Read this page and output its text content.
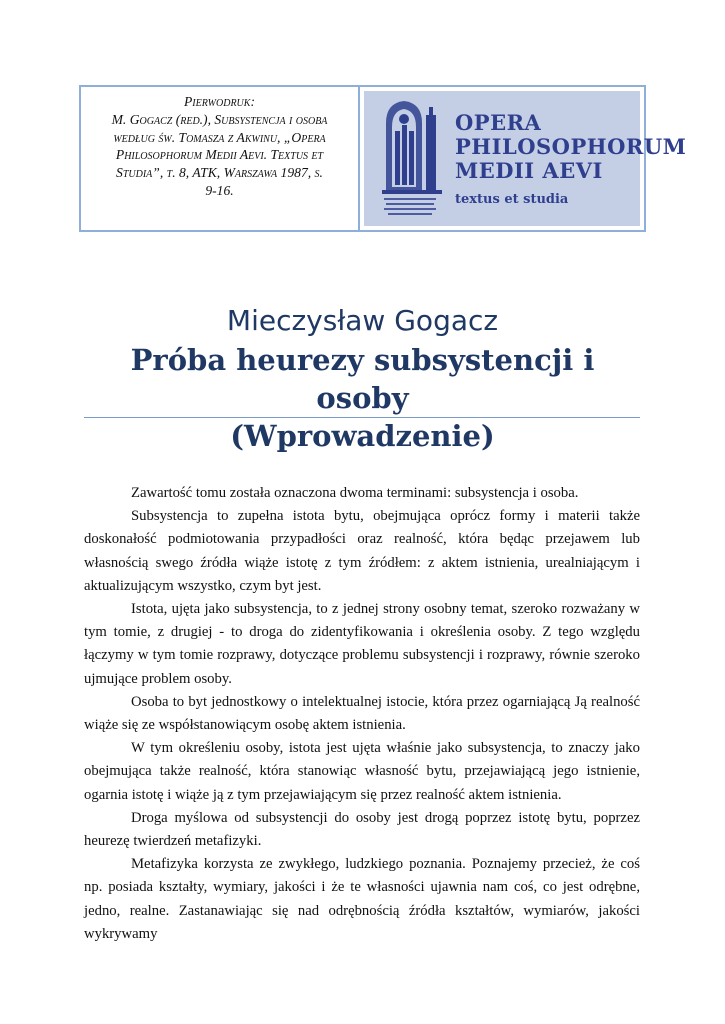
Pierwodruk:
M. Gogacz (red.), Subsystencja i osoba
według św. Tomasza z Akwinu, „Opera
Philosophorum Medii Aevi. Textus et
Studia”, t. 8, ATK, Warszawa 1987, s.
9-16.
OPERA
PHILOSOPHORUM
MEDII AEVI
textus et studia
Mieczysław Gogacz
Próba heurezy subsystencji i osoby
(Wprowadzenie)

Zawartość tomu została oznaczona dwoma terminami: subsystencja i osoba.

Subsystencja to zupełna istota bytu, obejmująca oprócz formy i materii także doskonałość podmiotowania przypadłości oraz realność, która będąc przejawem lub własnością swego źródła wiąże istotę z tym źródłem: z aktem istnienia, urealniającym i aktualizującym wszystko, czym byt jest.

Istota, ujęta jako subsystencja, to z jednej strony osobny temat, szeroko rozważany w tym tomie, z drugiej - to droga do zidentyfikowania i określenia osoby. Z tego względu łączymy w tym tomie rozprawy, dotyczące problemu subsystencji i rozprawy, równie szeroko ujmujące problem osoby.

Osoba to byt jednostkowy o intelektualnej istocie, która przez ogarniającą Ją realność wiąże się ze współstanowiącym osobę aktem istnienia.

W tym określeniu osoby, istota jest ujęta właśnie jako subsystencja, to znaczy jako obejmująca także realność, która stanowiąc własność bytu, przejawiającą jego istnienie, ogarnia istotę i wiąże ją z tym przejawiającym się przez realność aktem istnienia.

Droga myślowa od subsystencji do osoby jest drogą poprzez istotę bytu, poprzez heurezę twierdzeń metafizyki.

Metafizyka korzysta ze zwykłego, ludzkiego poznania. Poznajemy przecież, że coś np. posiada kształty, wymiary, jakości i że te własności ujawnia nam coś, co jest odrębne, jedno, realne. Zastanawiając się nad odrębnością źródła kształtów, wymiarów, jakości wykrywamy
